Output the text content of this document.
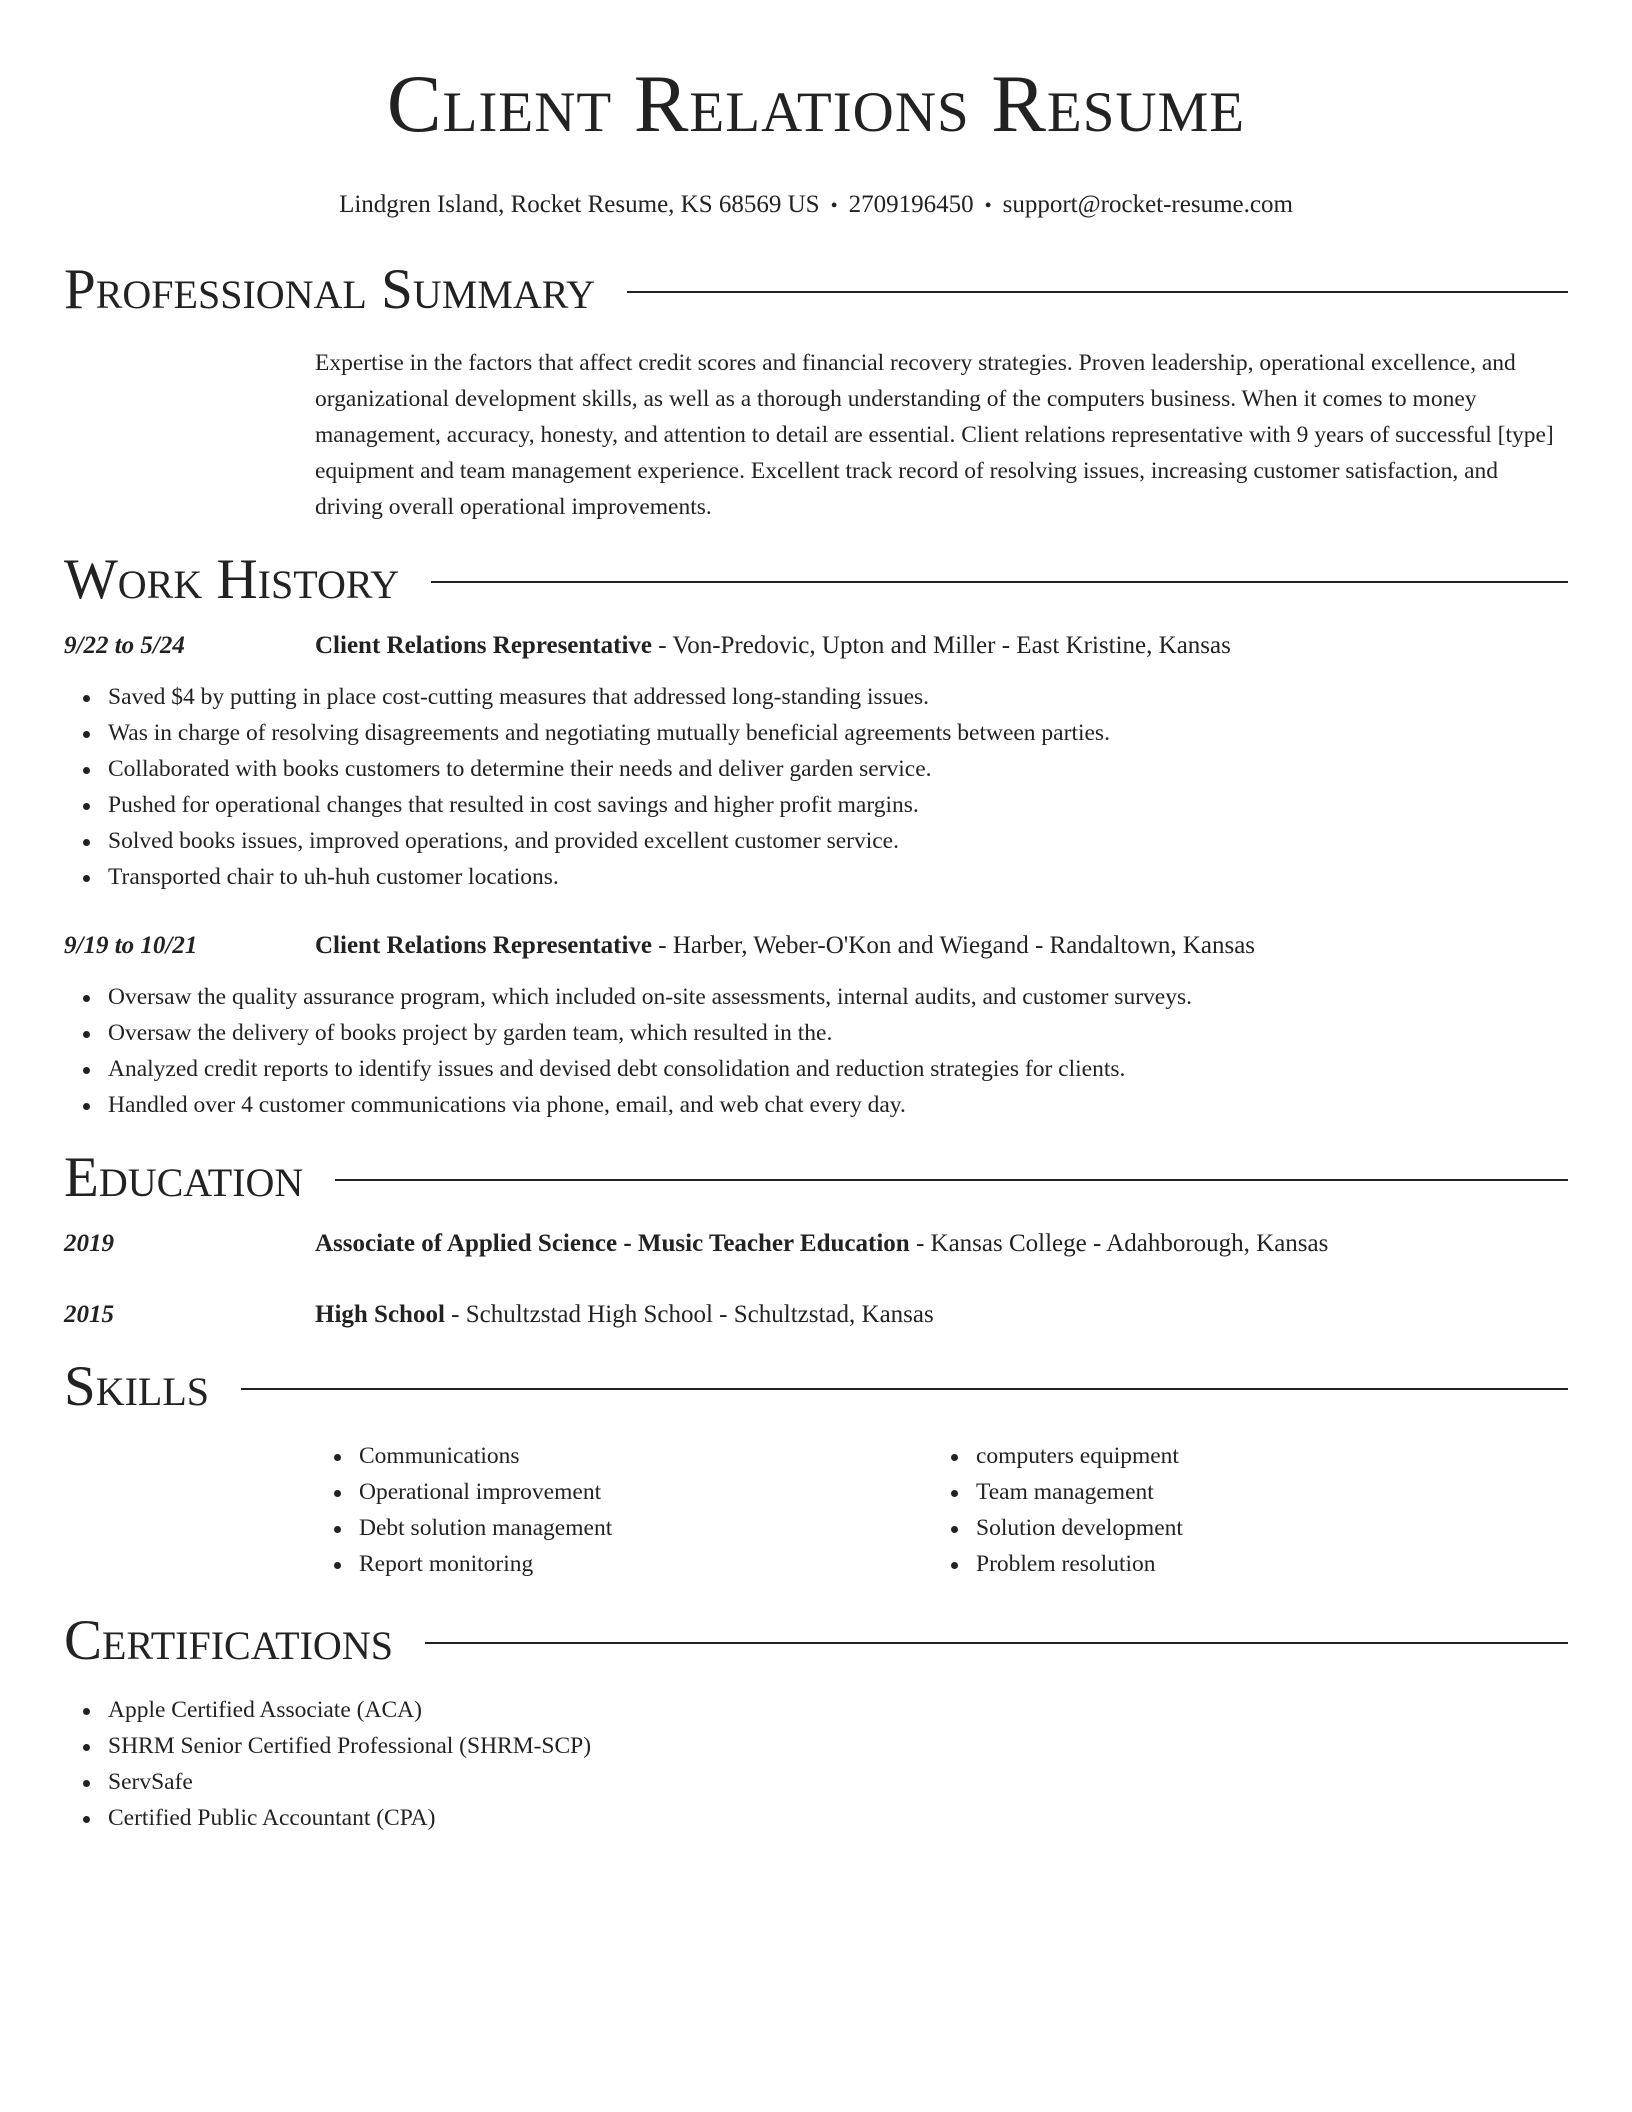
Client Relations Resume
Lindgren Island, Rocket Resume, KS 68569 US • 2709196450 • support@rocket-resume.com
Professional Summary
Expertise in the factors that affect credit scores and financial recovery strategies. Proven leadership, operational excellence, and organizational development skills, as well as a thorough understanding of the computers business. When it comes to money management, accuracy, honesty, and attention to detail are essential. Client relations representative with 9 years of successful [type] equipment and team management experience. Excellent track record of resolving issues, increasing customer satisfaction, and driving overall operational improvements.
Work History
9/22 to 5/24	Client Relations Representative - Von-Predovic, Upton and Miller - East Kristine, Kansas
Saved $4 by putting in place cost-cutting measures that addressed long-standing issues.
Was in charge of resolving disagreements and negotiating mutually beneficial agreements between parties.
Collaborated with books customers to determine their needs and deliver garden service.
Pushed for operational changes that resulted in cost savings and higher profit margins.
Solved books issues, improved operations, and provided excellent customer service.
Transported chair to uh-huh customer locations.
9/19 to 10/21	Client Relations Representative - Harber, Weber-O'Kon and Wiegand - Randaltown, Kansas
Oversaw the quality assurance program, which included on-site assessments, internal audits, and customer surveys.
Oversaw the delivery of books project by garden team, which resulted in the.
Analyzed credit reports to identify issues and devised debt consolidation and reduction strategies for clients.
Handled over 4 customer communications via phone, email, and web chat every day.
Education
2019	Associate of Applied Science - Music Teacher Education - Kansas College - Adahborough, Kansas
2015	High School - Schultzstad High School - Schultzstad, Kansas
Skills
Communications
Operational improvement
Debt solution management
Report monitoring
computers equipment
Team management
Solution development
Problem resolution
Certifications
Apple Certified Associate (ACA)
SHRM Senior Certified Professional (SHRM-SCP)
ServSafe
Certified Public Accountant (CPA)
